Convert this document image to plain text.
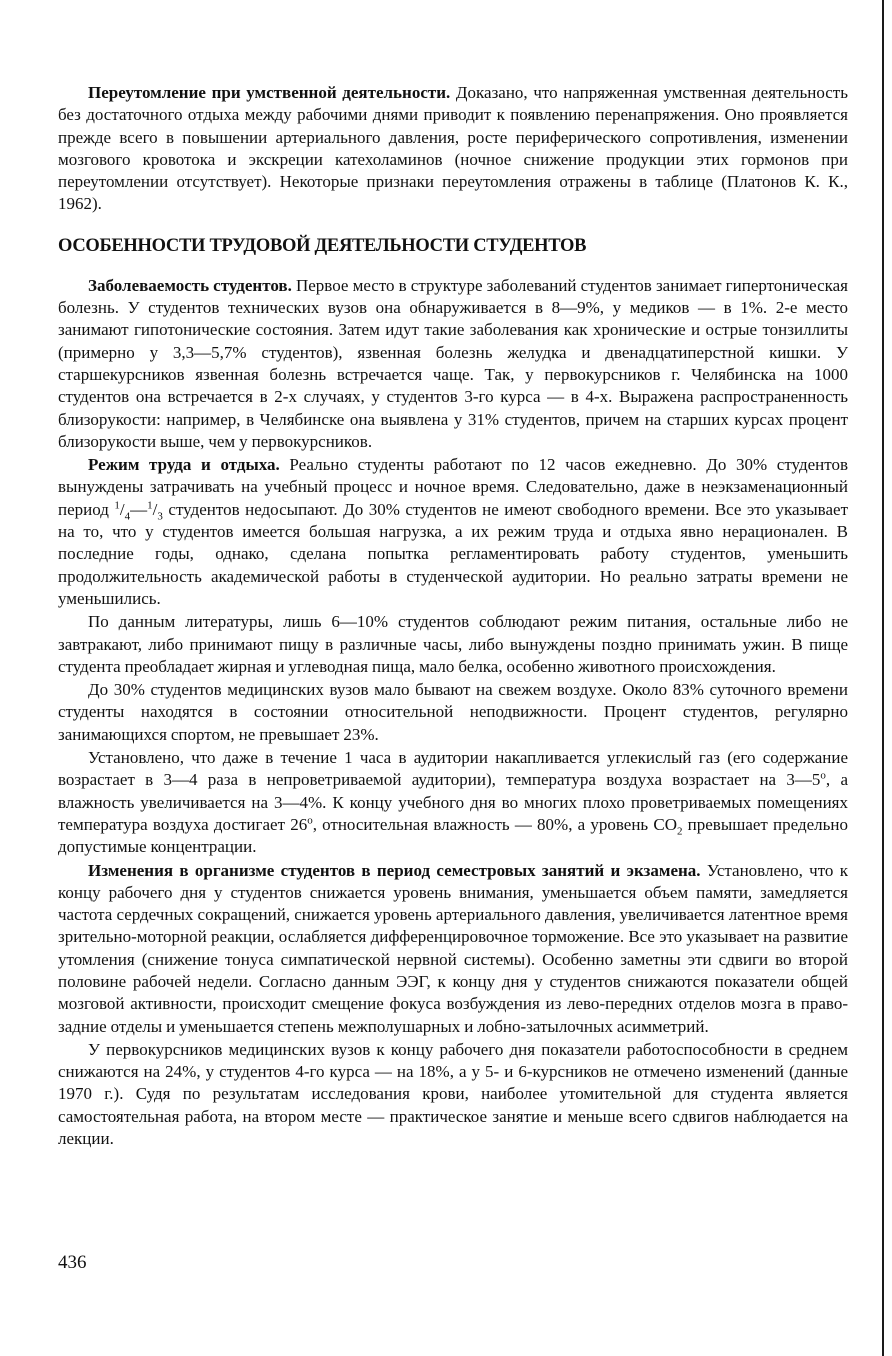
Переутомление при умственной деятельности. Доказано, что напряженная умственная деятельность без достаточного отдыха между рабочими днями приводит к появлению перенапряжения. Оно проявляется прежде всего в повышении артериального давления, росте периферического сопротивления, изменении мозгового кровотока и экскреции катехоламинов (ночное снижение продукции этих гормонов при переутомлении отсутствует). Некоторые признаки переутомления отражены в таблице (Платонов К. К., 1962).

ОСОБЕННОСТИ ТРУДОВОЙ ДЕЯТЕЛЬНОСТИ СТУДЕНТОВ

Заболеваемость студентов. Первое место в структуре заболеваний студентов занимает гипертоническая болезнь. У студентов технических вузов она обнаруживается в 8—9%, у медиков — в 1%. 2-е место занимают гипотонические состояния. Затем идут такие заболевания как хронические и острые тонзиллиты (примерно у 3,3—5,7% студентов), язвенная болезнь желудка и двенадцатиперстной кишки. У старшекурсников язвенная болезнь встречается чаще. Так, у первокурсников г. Челябинска на 1000 студентов она встречается в 2-х случаях, у студентов 3-го курса — в 4-х. Выражена распространенность близорукости: например, в Челябинске она выявлена у 31% студентов, причем на старших курсах процент близорукости выше, чем у первокурсников.

Режим труда и отдыха. Реально студенты работают по 12 часов ежедневно. До 30% студентов вынуждены затрачивать на учебный процесс и ночное время. Следовательно, даже в неэкзаменационный период $^1/_4—^1/_3$ студентов недосыпают. До 30% студентов не имеют свободного времени. Все это указывает на то, что у студентов имеется большая нагрузка, а их режим труда и отдыха явно нерационален. В последние годы, однако, сделана попытка регламентировать работу студентов, уменьшить продолжительность академической работы в студенческой аудитории. Но реально затраты времени не уменьшились.

По данным литературы, лишь 6—10% студентов соблюдают режим питания, остальные либо не завтракают, либо принимают пищу в различные часы, либо вынуждены поздно принимать ужин. В пище студента преобладает жирная и углеводная пища, мало белка, особенно животного происхождения.

До 30% студентов медицинских вузов мало бывают на свежем воздухе. Около 83% суточного времени студенты находятся в состоянии относительной неподвижности. Процент студентов, регулярно занимающихся спортом, не превышает 23%.

Установлено, что даже в течение 1 часа в аудитории накапливается углекислый газ (его содержание возрастает в 3—4 раза в непроветриваемой аудитории), температура воздуха возрастает на $3—5^о$, а влажность увеличивается на 3—4%. К концу учебного дня во многих плохо проветриваемых помещениях температура воздуха достигает $26^о$, относительная влажность — 80%, а уровень $СО_2$ превышает предельно допустимые концентрации.

Изменения в организме студентов в период семестровых занятий и экзамена. Установлено, что к концу рабочего дня у студентов снижается уровень внимания, уменьшается объем памяти, замедляется частота сердечных сокращений, снижается уровень артериального давления, увеличивается латентное время зрительно-моторной реакции, ослабляется дифференцировочное торможение. Все это указывает на развитие утомления (снижение тонуса симпатической нервной системы). Особенно заметны эти сдвиги во второй половине рабочей недели. Согласно данным ЭЭГ, к концу дня у студентов снижаются показатели общей мозговой активности, происходит смещение фокуса возбуждения из лево-передних отделов мозга в право-задние отделы и уменьшается степень межполушарных и лобно-затылочных асимметрий.

У первокурсников медицинских вузов к концу рабочего дня показатели работоспособности в среднем снижаются на 24%, у студентов 4-го курса — на 18%, а у 5- и 6-курсников не отмечено изменений (данные 1970 г.). Судя по результатам исследования крови, наиболее утомительной для студента является самостоятельная работа, на втором месте — практическое занятие и меньше всего сдвигов наблюдается на лекции.

436
